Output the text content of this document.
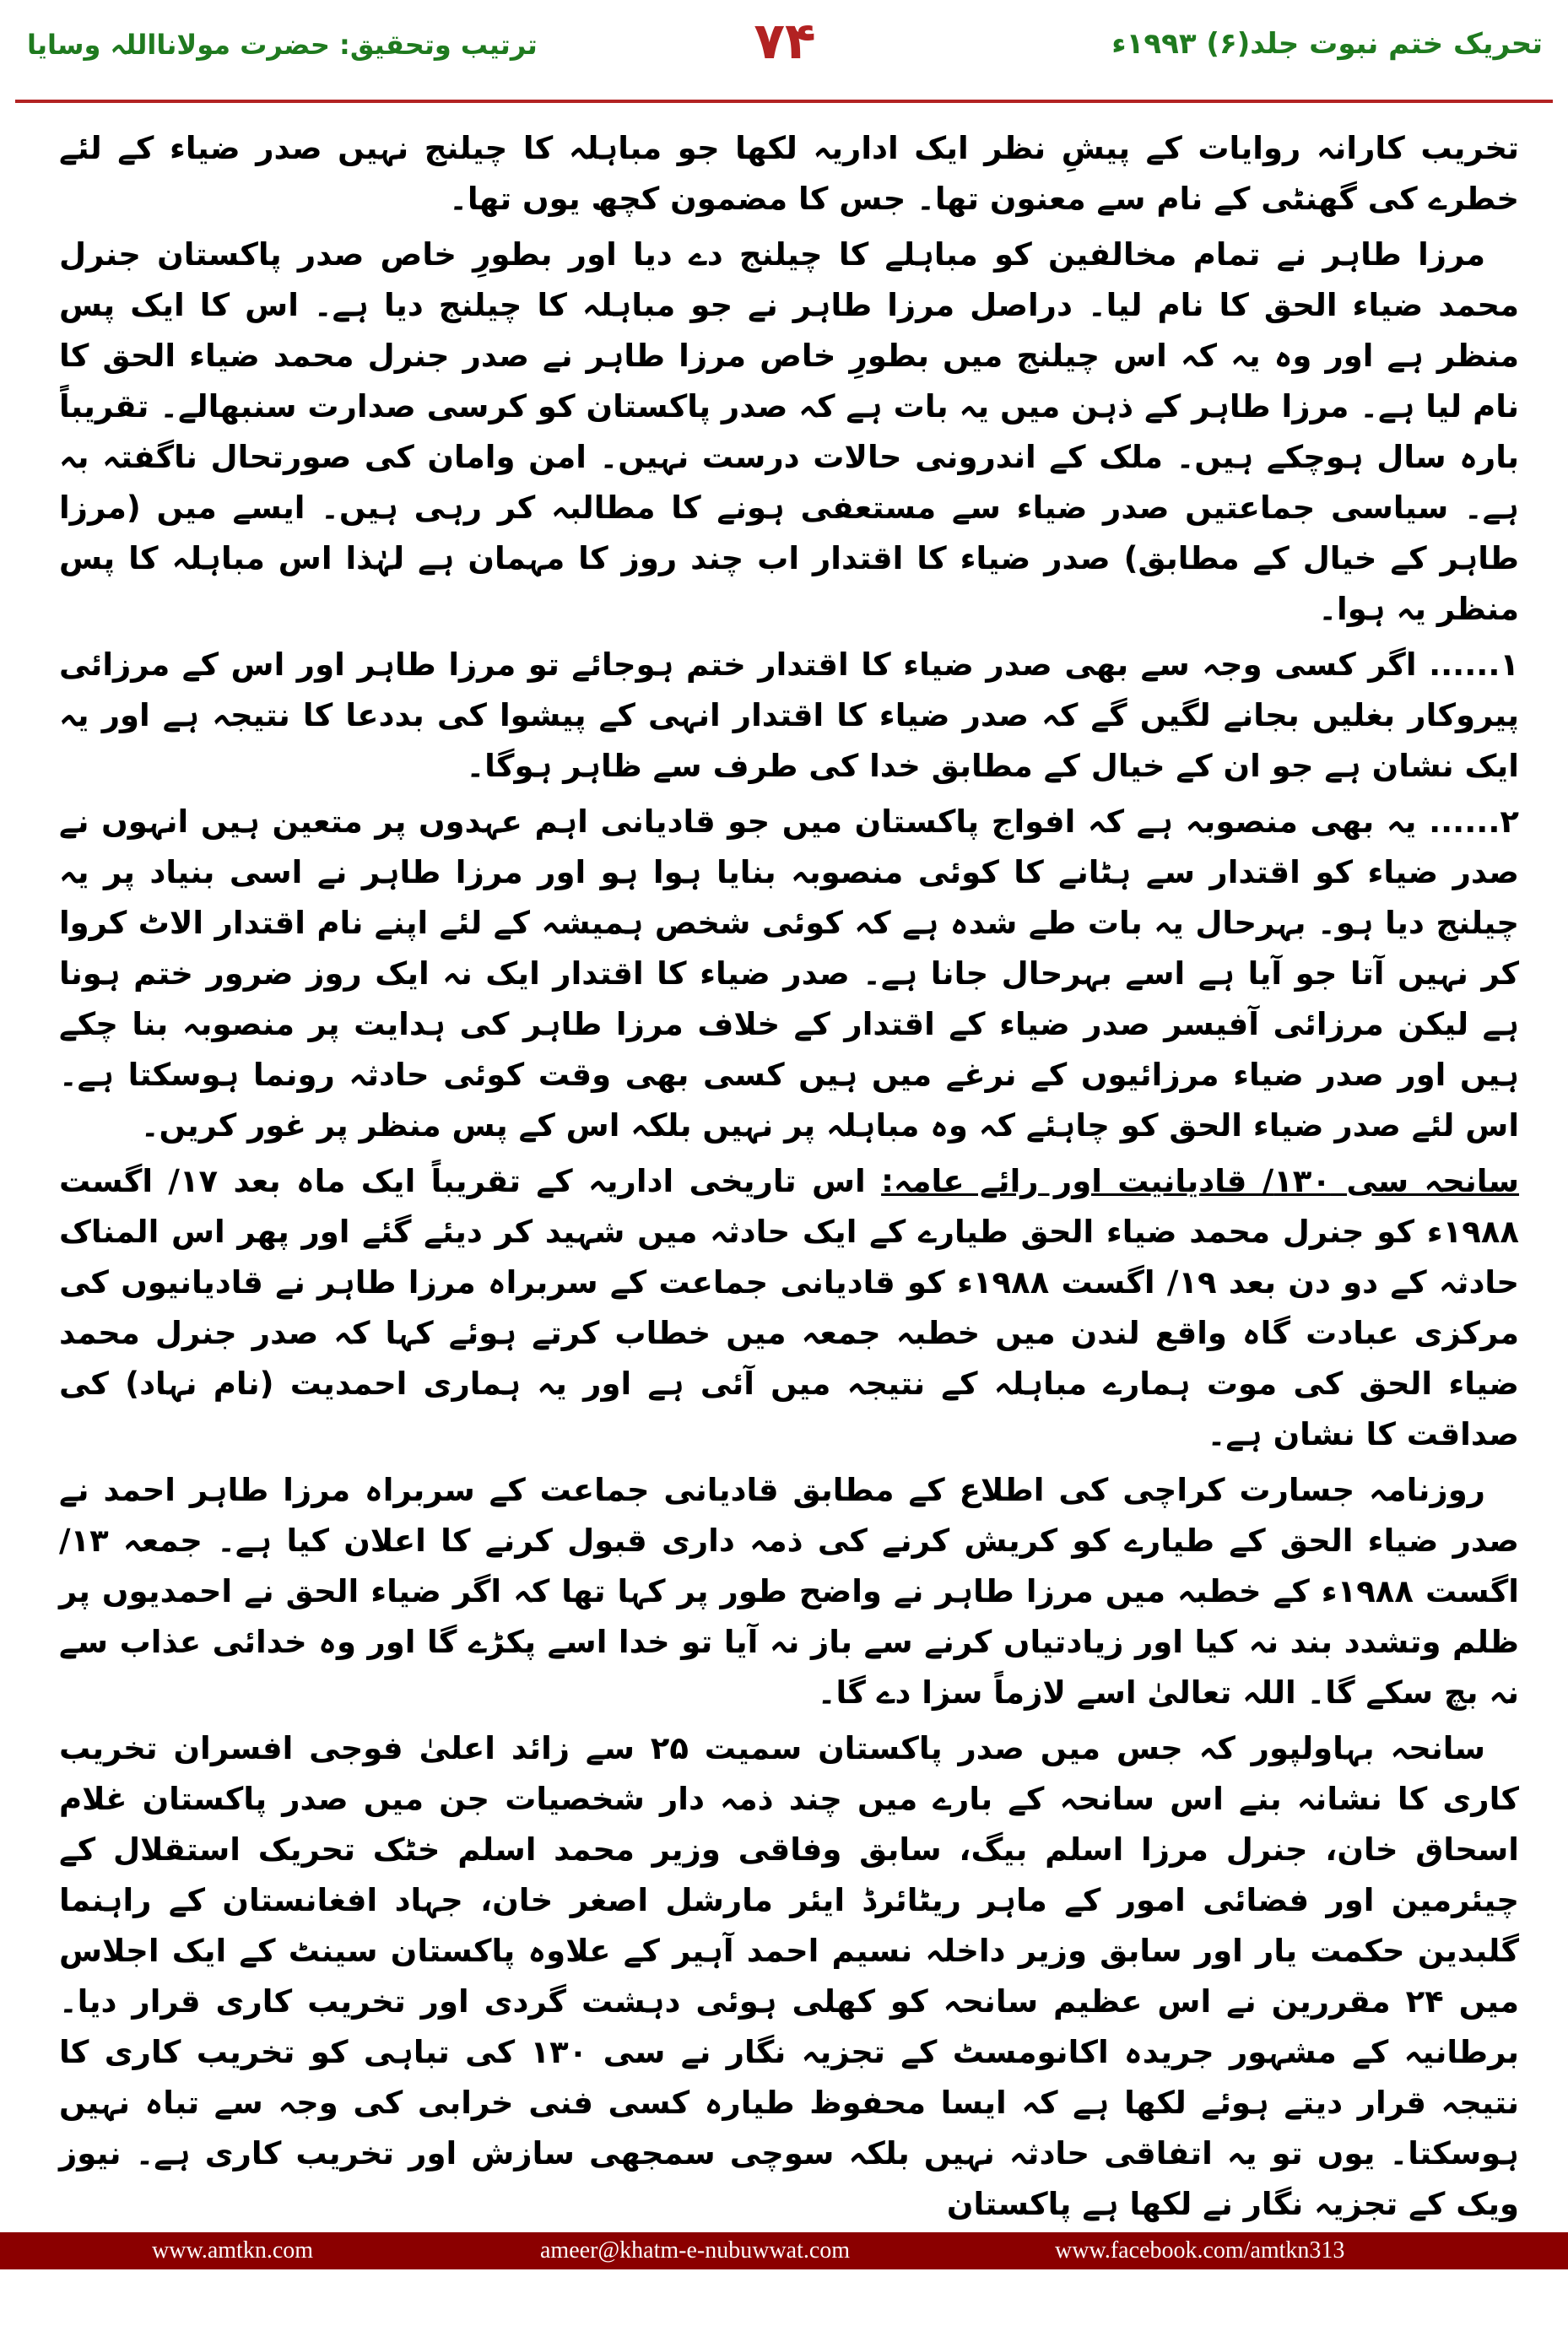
تحریک ختم نبوت جلد(۶) ۱۹۹۳ء
۷۴
ترتیب وتحقیق: حضرت مولانااللہ وسایا

تخریب کارانہ روایات کے پیشِ نظر ایک اداریہ لکھا جو مباہلہ کا چیلنج نہیں صدر ضیاء کے لئے خطرے کی گھنٹی کے نام سے معنون تھا۔ جس کا مضمون کچھ یوں تھا۔

مرزا طاہر نے تمام مخالفین کو مباہلے کا چیلنج دے دیا اور بطورِ خاص صدر پاکستان جنرل محمد ضیاء الحق کا نام لیا۔ دراصل مرزا طاہر نے جو مباہلہ کا چیلنج دیا ہے۔ اس کا ایک پس منظر ہے اور وہ یہ کہ اس چیلنج میں بطورِ خاص مرزا طاہر نے صدر جنرل محمد ضیاء الحق کا نام لیا ہے۔ مرزا طاہر کے ذہن میں یہ بات ہے کہ صدر پاکستان کو کرسی صدارت سنبھالے۔ تقریباً بارہ سال ہوچکے ہیں۔ ملک کے اندرونی حالات درست نہیں۔ امن وامان کی صورتحال ناگفتہ بہ ہے۔ سیاسی جماعتیں صدر ضیاء سے مستعفی ہونے کا مطالبہ کر رہی ہیں۔ ایسے میں (مرزا طاہر کے خیال کے مطابق) صدر ضیاء کا اقتدار اب چند روز کا مہمان ہے لہٰذا اس مباہلہ کا پس منظر یہ ہوا۔

۱...... اگر کسی وجہ سے بھی صدر ضیاء کا اقتدار ختم ہوجائے تو مرزا طاہر اور اس کے مرزائی پیروکار بغلیں بجانے لگیں گے کہ صدر ضیاء کا اقتدار انہی کے پیشوا کی بددعا کا نتیجہ ہے اور یہ ایک نشان ہے جو ان کے خیال کے مطابق خدا کی طرف سے ظاہر ہوگا۔

۲...... یہ بھی منصوبہ ہے کہ افواج پاکستان میں جو قادیانی اہم عہدوں پر متعین ہیں انہوں نے صدر ضیاء کو اقتدار سے ہٹانے کا کوئی منصوبہ بنایا ہوا ہو اور مرزا طاہر نے اسی بنیاد پر یہ چیلنج دیا ہو۔ بہرحال یہ بات طے شدہ ہے کہ کوئی شخص ہمیشہ کے لئے اپنے نام اقتدار الاٹ کروا کر نہیں آتا جو آیا ہے اسے بہرحال جانا ہے۔ صدر ضیاء کا اقتدار ایک نہ ایک روز ضرور ختم ہونا ہے لیکن مرزائی آفیسر صدر ضیاء کے اقتدار کے خلاف مرزا طاہر کی ہدایت پر منصوبہ بنا چکے ہیں اور صدر ضیاء مرزائیوں کے نرغے میں ہیں کسی بھی وقت کوئی حادثہ رونما ہوسکتا ہے۔ اس لئے صدر ضیاء الحق کو چاہئے کہ وہ مباہلہ پر نہیں بلکہ اس کے پس منظر پر غور کریں۔

سانحہ سی ۱۳۰/ قادیانیت اور رائے عامہ: اس تاریخی اداریہ کے تقریباً ایک ماہ بعد ۱۷/ اگست ۱۹۸۸ء کو جنرل محمد ضیاء الحق طیارے کے ایک حادثہ میں شہید کر دیئے گئے اور پھر اس المناک حادثہ کے دو دن بعد ۱۹/ اگست ۱۹۸۸ء کو قادیانی جماعت کے سربراہ مرزا طاہر نے قادیانیوں کی مرکزی عبادت گاہ واقع لندن میں خطبہ جمعہ میں خطاب کرتے ہوئے کہا کہ صدر جنرل محمد ضیاء الحق کی موت ہمارے مباہلہ کے نتیجہ میں آئی ہے اور یہ ہماری احمدیت (نام نہاد) کی صداقت کا نشان ہے۔

روزنامہ جسارت کراچی کی اطلاع کے مطابق قادیانی جماعت کے سربراہ مرزا طاہر احمد نے صدر ضیاء الحق کے طیارے کو کریش کرنے کی ذمہ داری قبول کرنے کا اعلان کیا ہے۔ جمعہ ۱۳/ اگست ۱۹۸۸ء کے خطبہ میں مرزا طاہر نے واضح طور پر کہا تھا کہ اگر ضیاء الحق نے احمدیوں پر ظلم وتشدد بند نہ کیا اور زیادتیاں کرنے سے باز نہ آیا تو خدا اسے پکڑے گا اور وہ خدائی عذاب سے نہ بچ سکے گا۔ اللہ تعالیٰ اسے لازماً سزا دے گا۔

سانحہ بہاولپور کہ جس میں صدر پاکستان سمیت ۲۵ سے زائد اعلیٰ فوجی افسران تخریب کاری کا نشانہ بنے اس سانحہ کے بارے میں چند ذمہ دار شخصیات جن میں صدر پاکستان غلام اسحاق خان، جنرل مرزا اسلم بیگ، سابق وفاقی وزیر محمد اسلم خٹک تحریک استقلال کے چیئرمین اور فضائی امور کے ماہر ریٹائرڈ ایئر مارشل اصغر خان، جہاد افغانستان کے راہنما گلبدین حکمت یار اور سابق وزیر داخلہ نسیم احمد آہیر کے علاوہ پاکستان سینٹ کے ایک اجلاس میں ۲۴ مقررین نے اس عظیم سانحہ کو کھلی ہوئی دہشت گردی اور تخریب کاری قرار دیا۔ برطانیہ کے مشہور جریدہ اکانومسٹ کے تجزیہ نگار نے سی ۱۳۰ کی تباہی کو تخریب کاری کا نتیجہ قرار دیتے ہوئے لکھا ہے کہ ایسا محفوظ طیارہ کسی فنی خرابی کی وجہ سے تباہ نہیں ہوسکتا۔ یوں تو یہ اتفاقی حادثہ نہیں بلکہ سوچی سمجھی سازش اور تخریب کاری ہے۔ نیوز ویک کے تجزیہ نگار نے لکھا ہے پاکستان

www.amtkn.com	ameer@khatm-e-nubuwwat.com	www.facebook.com/amtkn313
